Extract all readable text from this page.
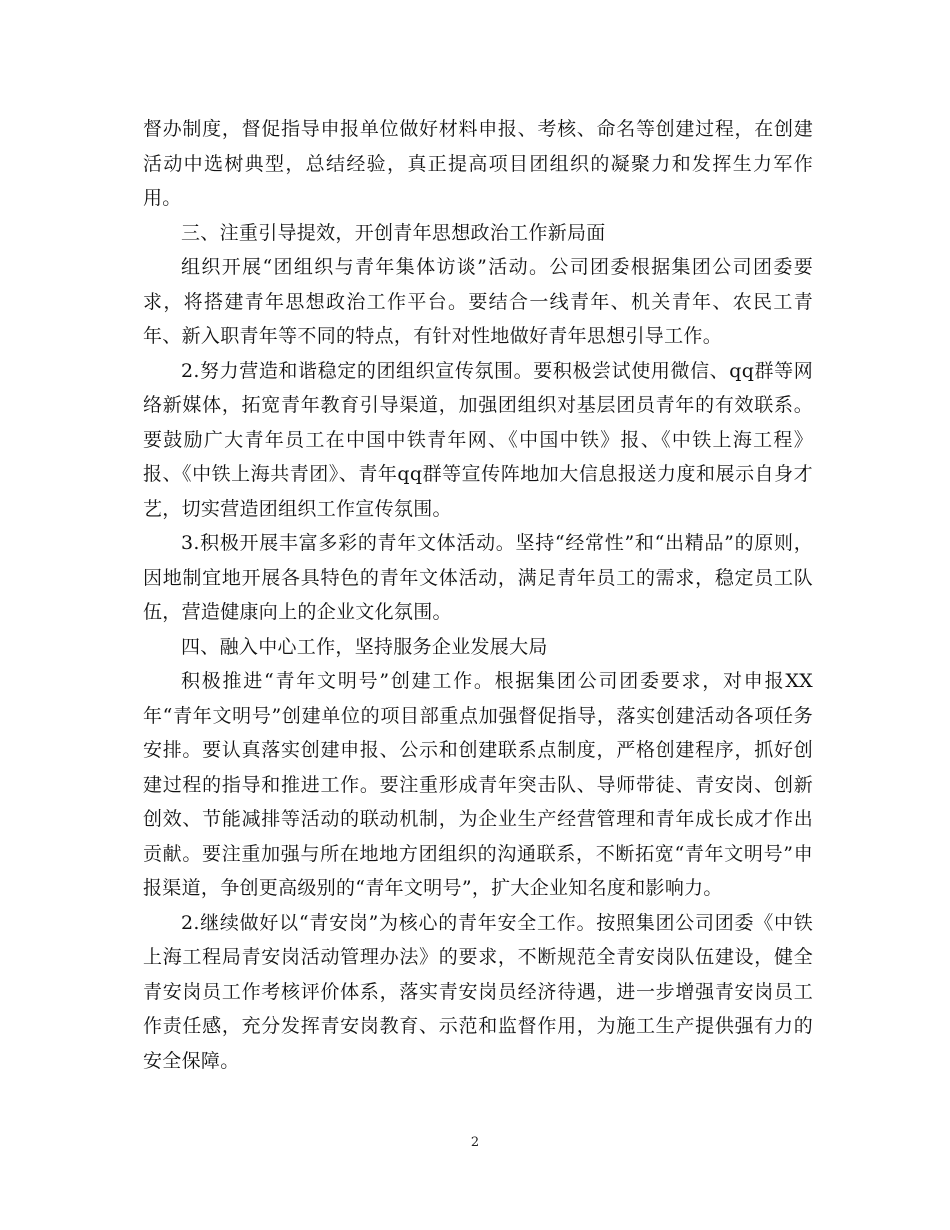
督办制度，督促指导申报单位做好材料申报、考核、命名等创建过程，在创建活动中选树典型，总结经验，真正提高项目团组织的凝聚力和发挥生力军作用。

三、注重引导提效，开创青年思想政治工作新局面

组织开展“团组织与青年集体访谈”活动。公司团委根据集团公司团委要求，将搭建青年思想政治工作平台。要结合一线青年、机关青年、农民工青年、新入职青年等不同的特点，有针对性地做好青年思想引导工作。

2.努力营造和谐稳定的团组织宣传氛围。要积极尝试使用微信、qq群等网络新媒体，拓宽青年教育引导渠道，加强团组织对基层团员青年的有效联系。要鼓励广大青年员工在中国中铁青年网、《中国中铁》报、《中铁上海工程》报、《中铁上海共青团》、青年qq群等宣传阵地加大信息报送力度和展示自身才艺，切实营造团组织工作宣传氛围。

3.积极开展丰富多彩的青年文体活动。坚持“经常性”和“出精品”的原则，因地制宜地开展各具特色的青年文体活动，满足青年员工的需求，稳定员工队伍，营造健康向上的企业文化氛围。

四、融入中心工作，坚持服务企业发展大局

积极推进“青年文明号”创建工作。根据集团公司团委要求，对申报XX年“青年文明号”创建单位的项目部重点加强督促指导，落实创建活动各项任务安排。要认真落实创建申报、公示和创建联系点制度，严格创建程序，抓好创建过程的指导和推进工作。要注重形成青年突击队、导师带徒、青安岗、创新创效、节能减排等活动的联动机制，为企业生产经营管理和青年成长成才作出贡献。要注重加强与所在地地方团组织的沟通联系，不断拓宽“青年文明号”申报渠道，争创更高级别的“青年文明号”，扩大企业知名度和影响力。

2.继续做好以“青安岗”为核心的青年安全工作。按照集团公司团委《中铁上海工程局青安岗活动管理办法》的要求，不断规范全青安岗队伍建设，健全青安岗员工作考核评价体系，落实青安岗员经济待遇，进一步增强青安岗员工作责任感，充分发挥青安岗教育、示范和监督作用，为施工生产提供强有力的安全保障。

2
